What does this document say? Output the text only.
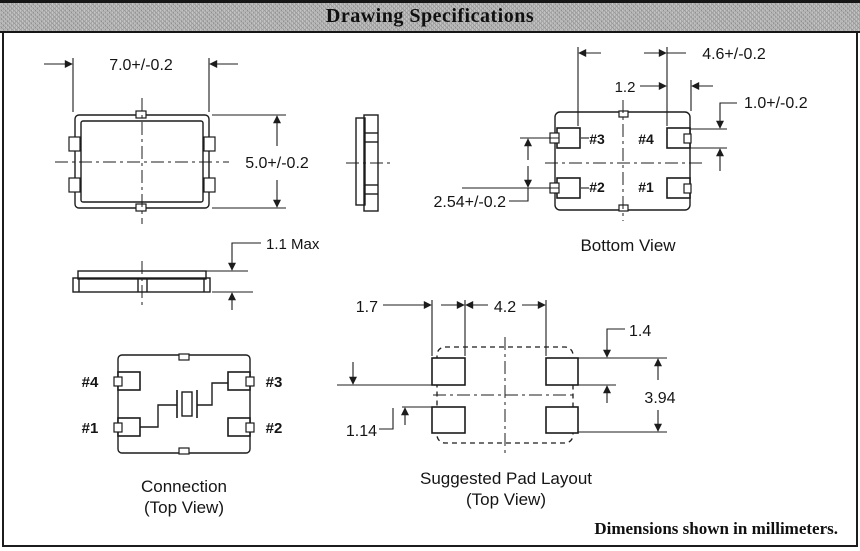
Drawing Specifications
7.0+/-0.2
5.0+/-0.2
1.1 Max
#3 #4
#2 #1
4.6+/-0.2
1.2
1.0+/-0.2
2.54+/-0.2
Bottom View
#4	#3
#1	#2
Connection
(Top View)
1.7	4.2
1.4
3.94
1.14
Suggested Pad Layout
(Top View)
Dimensions shown in millimeters.
